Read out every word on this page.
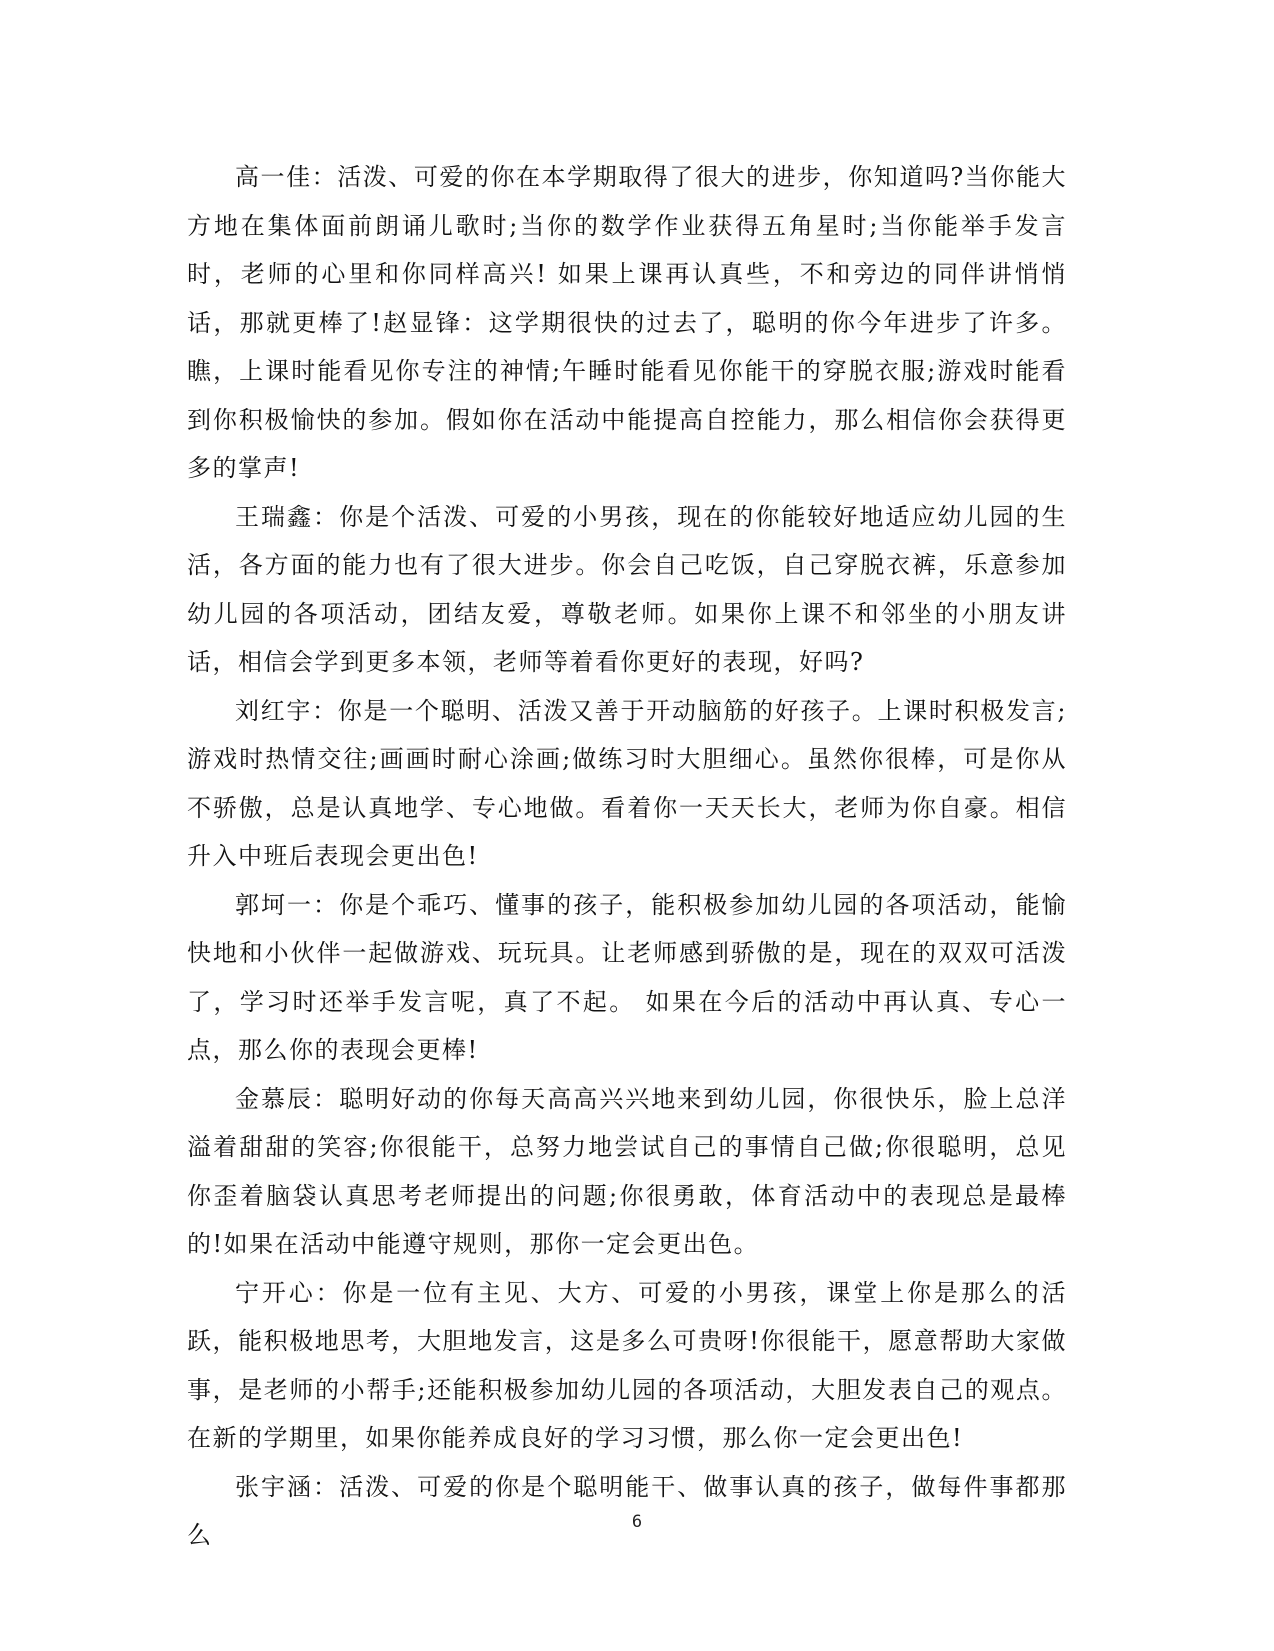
高一佳：活泼、可爱的你在本学期取得了很大的进步，你知道吗?当你能大方地在集体面前朗诵儿歌时;当你的数学作业获得五角星时;当你能举手发言时，老师的心里和你同样高兴! 如果上课再认真些，不和旁边的同伴讲悄悄话，那就更棒了!赵显锋：这学期很快的过去了，聪明的你今年进步了许多。瞧，上课时能看见你专注的神情;午睡时能看见你能干的穿脱衣服;游戏时能看到你积极愉快的参加。假如你在活动中能提高自控能力，那么相信你会获得更多的掌声!

王瑞鑫：你是个活泼、可爱的小男孩，现在的你能较好地适应幼儿园的生活，各方面的能力也有了很大进步。你会自己吃饭，自己穿脱衣裤，乐意参加幼儿园的各项活动，团结友爱，尊敬老师。如果你上课不和邻坐的小朋友讲话，相信会学到更多本领，老师等着看你更好的表现，好吗?

刘红宇：你是一个聪明、活泼又善于开动脑筋的好孩子。上课时积极发言;游戏时热情交往;画画时耐心涂画;做练习时大胆细心。虽然你很棒，可是你从不骄傲，总是认真地学、专心地做。看着你一天天长大，老师为你自豪。相信升入中班后表现会更出色!

郭坷一：你是个乖巧、懂事的孩子，能积极参加幼儿园的各项活动，能愉快地和小伙伴一起做游戏、玩玩具。让老师感到骄傲的是，现在的双双可活泼了，学习时还举手发言呢，真了不起。 如果在今后的活动中再认真、专心一点，那么你的表现会更棒!

金慕辰：聪明好动的你每天高高兴兴地来到幼儿园，你很快乐，脸上总洋溢着甜甜的笑容;你很能干，总努力地尝试自己的事情自己做;你很聪明，总见你歪着脑袋认真思考老师提出的问题;你很勇敢，体育活动中的表现总是最棒的!如果在活动中能遵守规则，那你一定会更出色。

宁开心：你是一位有主见、大方、可爱的小男孩，课堂上你是那么的活跃，能积极地思考，大胆地发言，这是多么可贵呀!你很能干，愿意帮助大家做事，是老师的小帮手;还能积极参加幼儿园的各项活动，大胆发表自己的观点。在新的学期里，如果你能养成良好的学习习惯，那么你一定会更出色!

张宇涵：活泼、可爱的你是个聪明能干、做事认真的孩子，做每件事都那么	6
